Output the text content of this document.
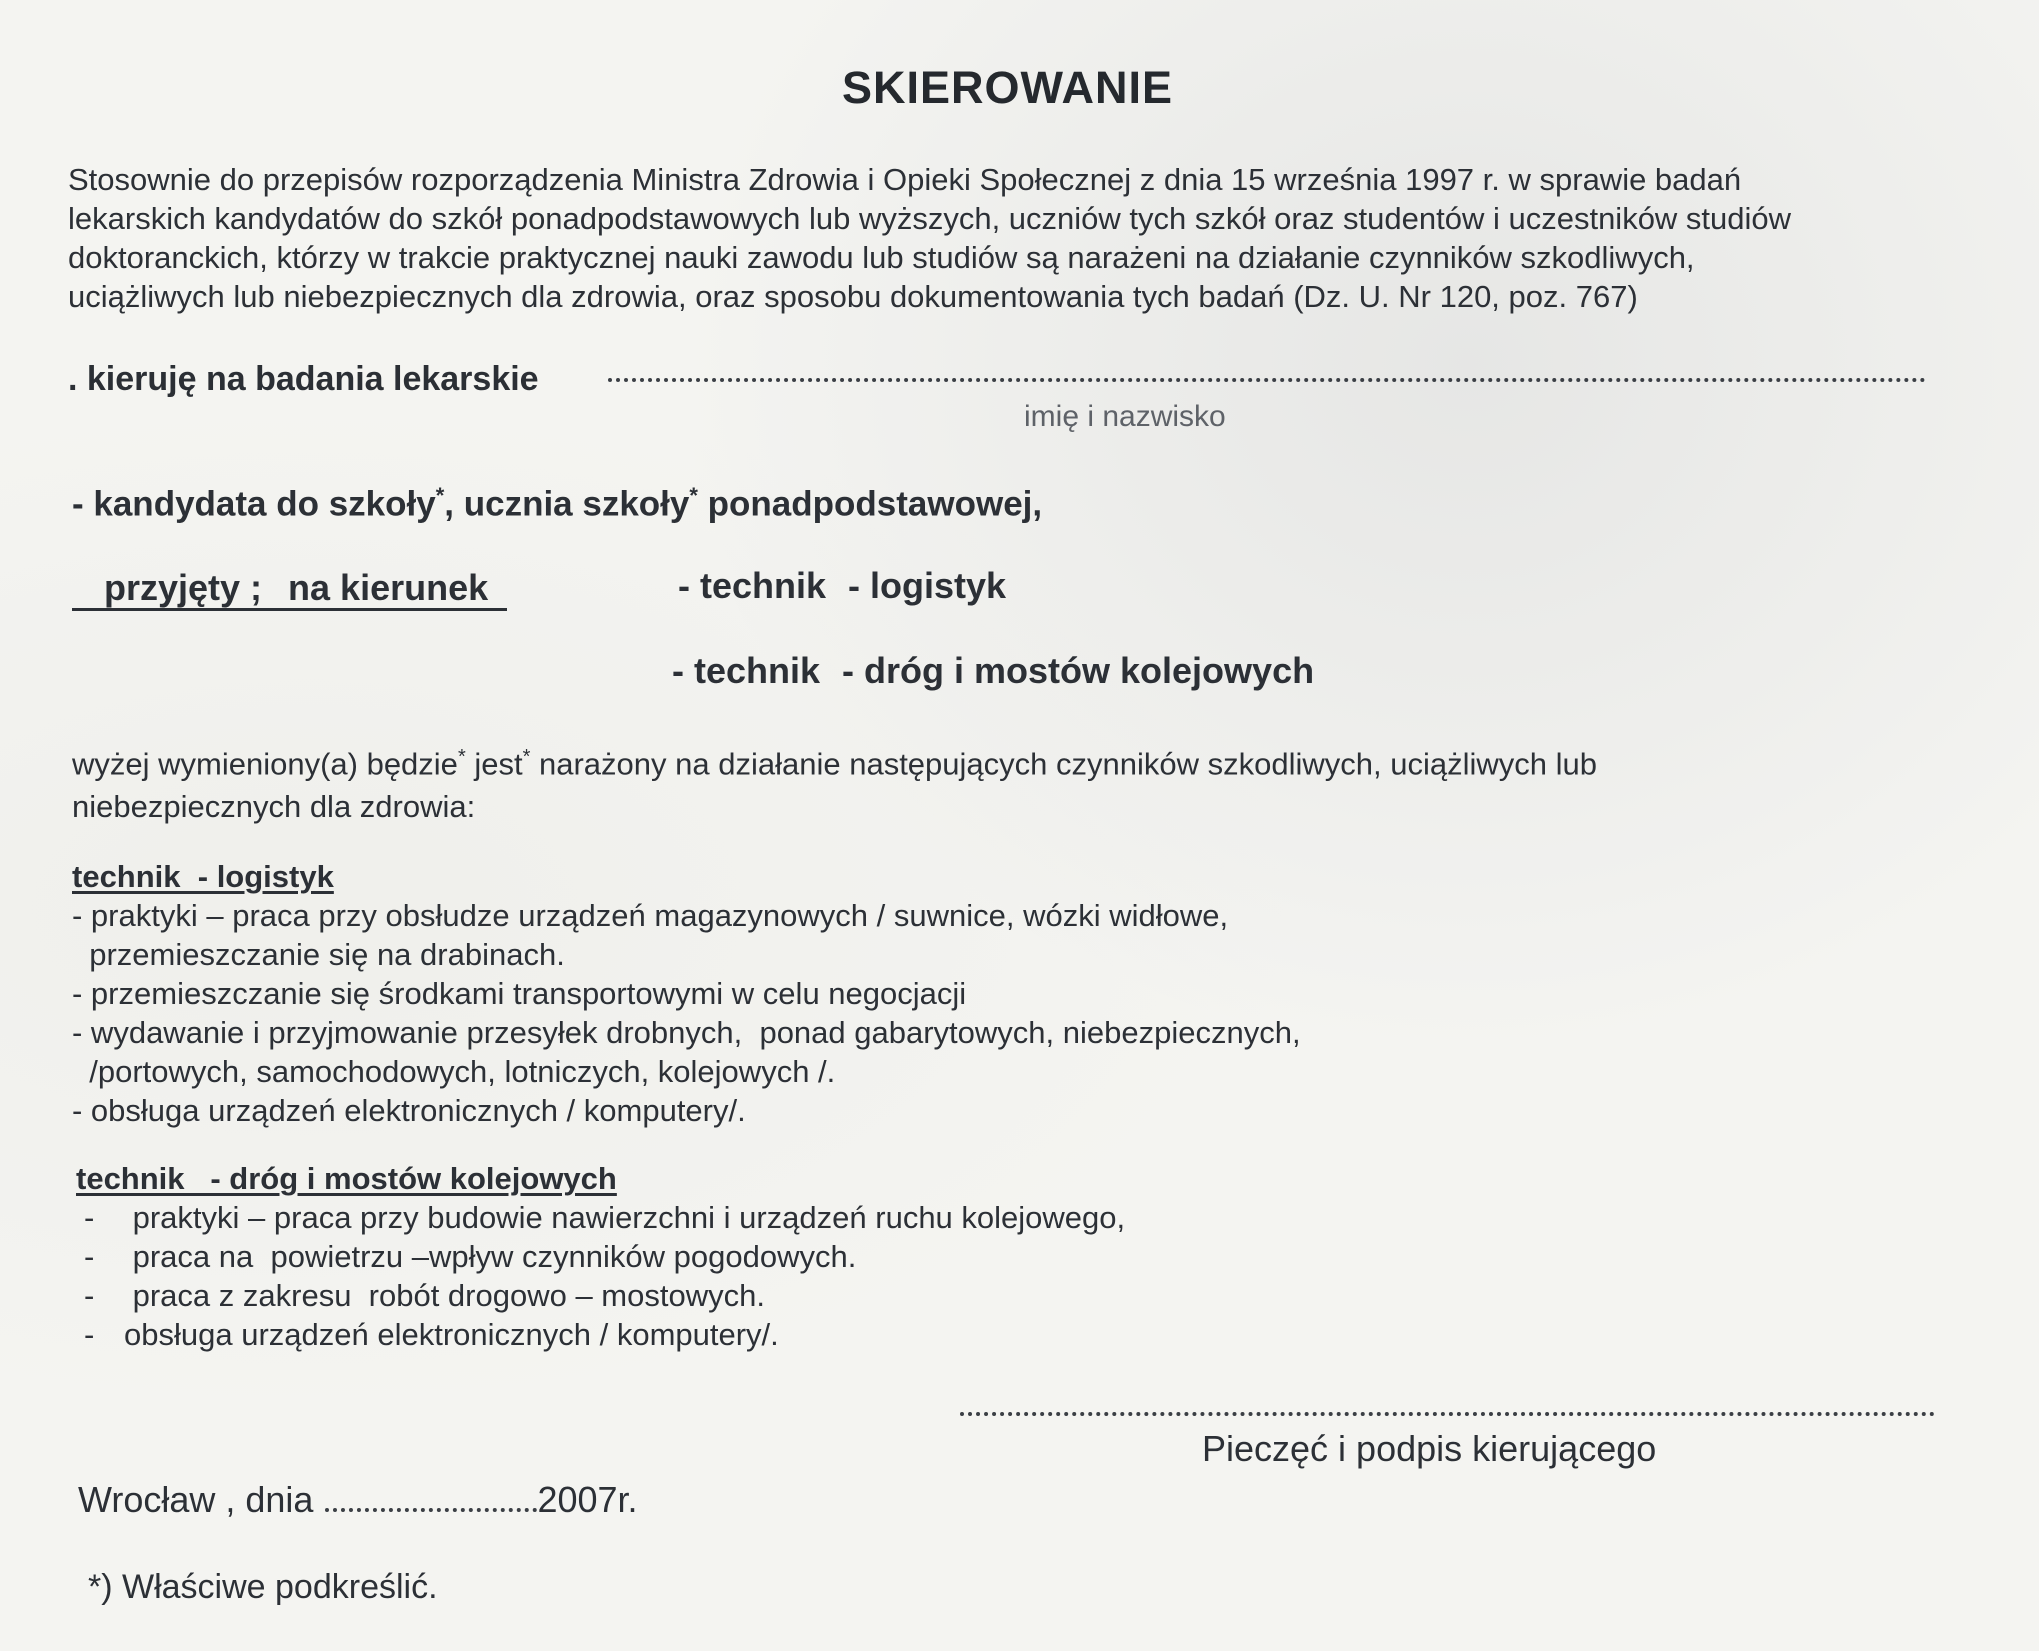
SKIEROWANIE
Stosownie do przepisów rozporządzenia Ministra Zdrowia i Opieki Społecznej z dnia 15 września 1997 r. w sprawie badań
lekarskich kandydatów do szkół ponadpodstawowych lub wyższych, uczniów tych szkół oraz studentów i uczestników studiów
doktoranckich, którzy w trakcie praktycznej nauki zawodu lub studiów są narażeni na działanie czynników szkodliwych,
uciążliwych lub niebezpiecznych dla zdrowia, oraz sposobu dokumentowania tych badań (Dz. U. Nr 120, poz. 767)
. kieruję na badania lekarskie
imię i nazwisko
- kandydata do szkoły*, ucznia szkoły* ponadpodstawowej,
przyjęty ; na kierunek	- technik - logistyk
- technik - dróg i mostów kolejowych
wyżej wymieniony(a) będzie* jest* narażony na działanie następujących czynników szkodliwych, uciążliwych lub
niebezpiecznych dla zdrowia:
technik  - logistyk
- praktyki – praca przy obsłudze urządzeń magazynowych / suwnice, wózki widłowe,
przemieszczanie się na drabinach.
- przemieszczanie się środkami transportowymi w celu negocjacji
- wydawanie i przyjmowanie przesyłek drobnych,  ponad gabarytowych, niebezpiecznych,
/portowych, samochodowych, lotniczych, kolejowych /.
- obsługa urządzeń elektronicznych / komputery/.
technik   - dróg i mostów kolejowych
- praktyki – praca przy budowie nawierzchni i urządzeń ruchu kolejowego,
- praca na  powietrzu –wpływ czynników pogodowych.
- praca z zakresu  robót drogowo – mostowych.
- obsługa urządzeń elektronicznych / komputery/.
Pieczęć i podpis kierującego
Wrocław , dnia	2007r.
*) Właściwe podkreślić.
